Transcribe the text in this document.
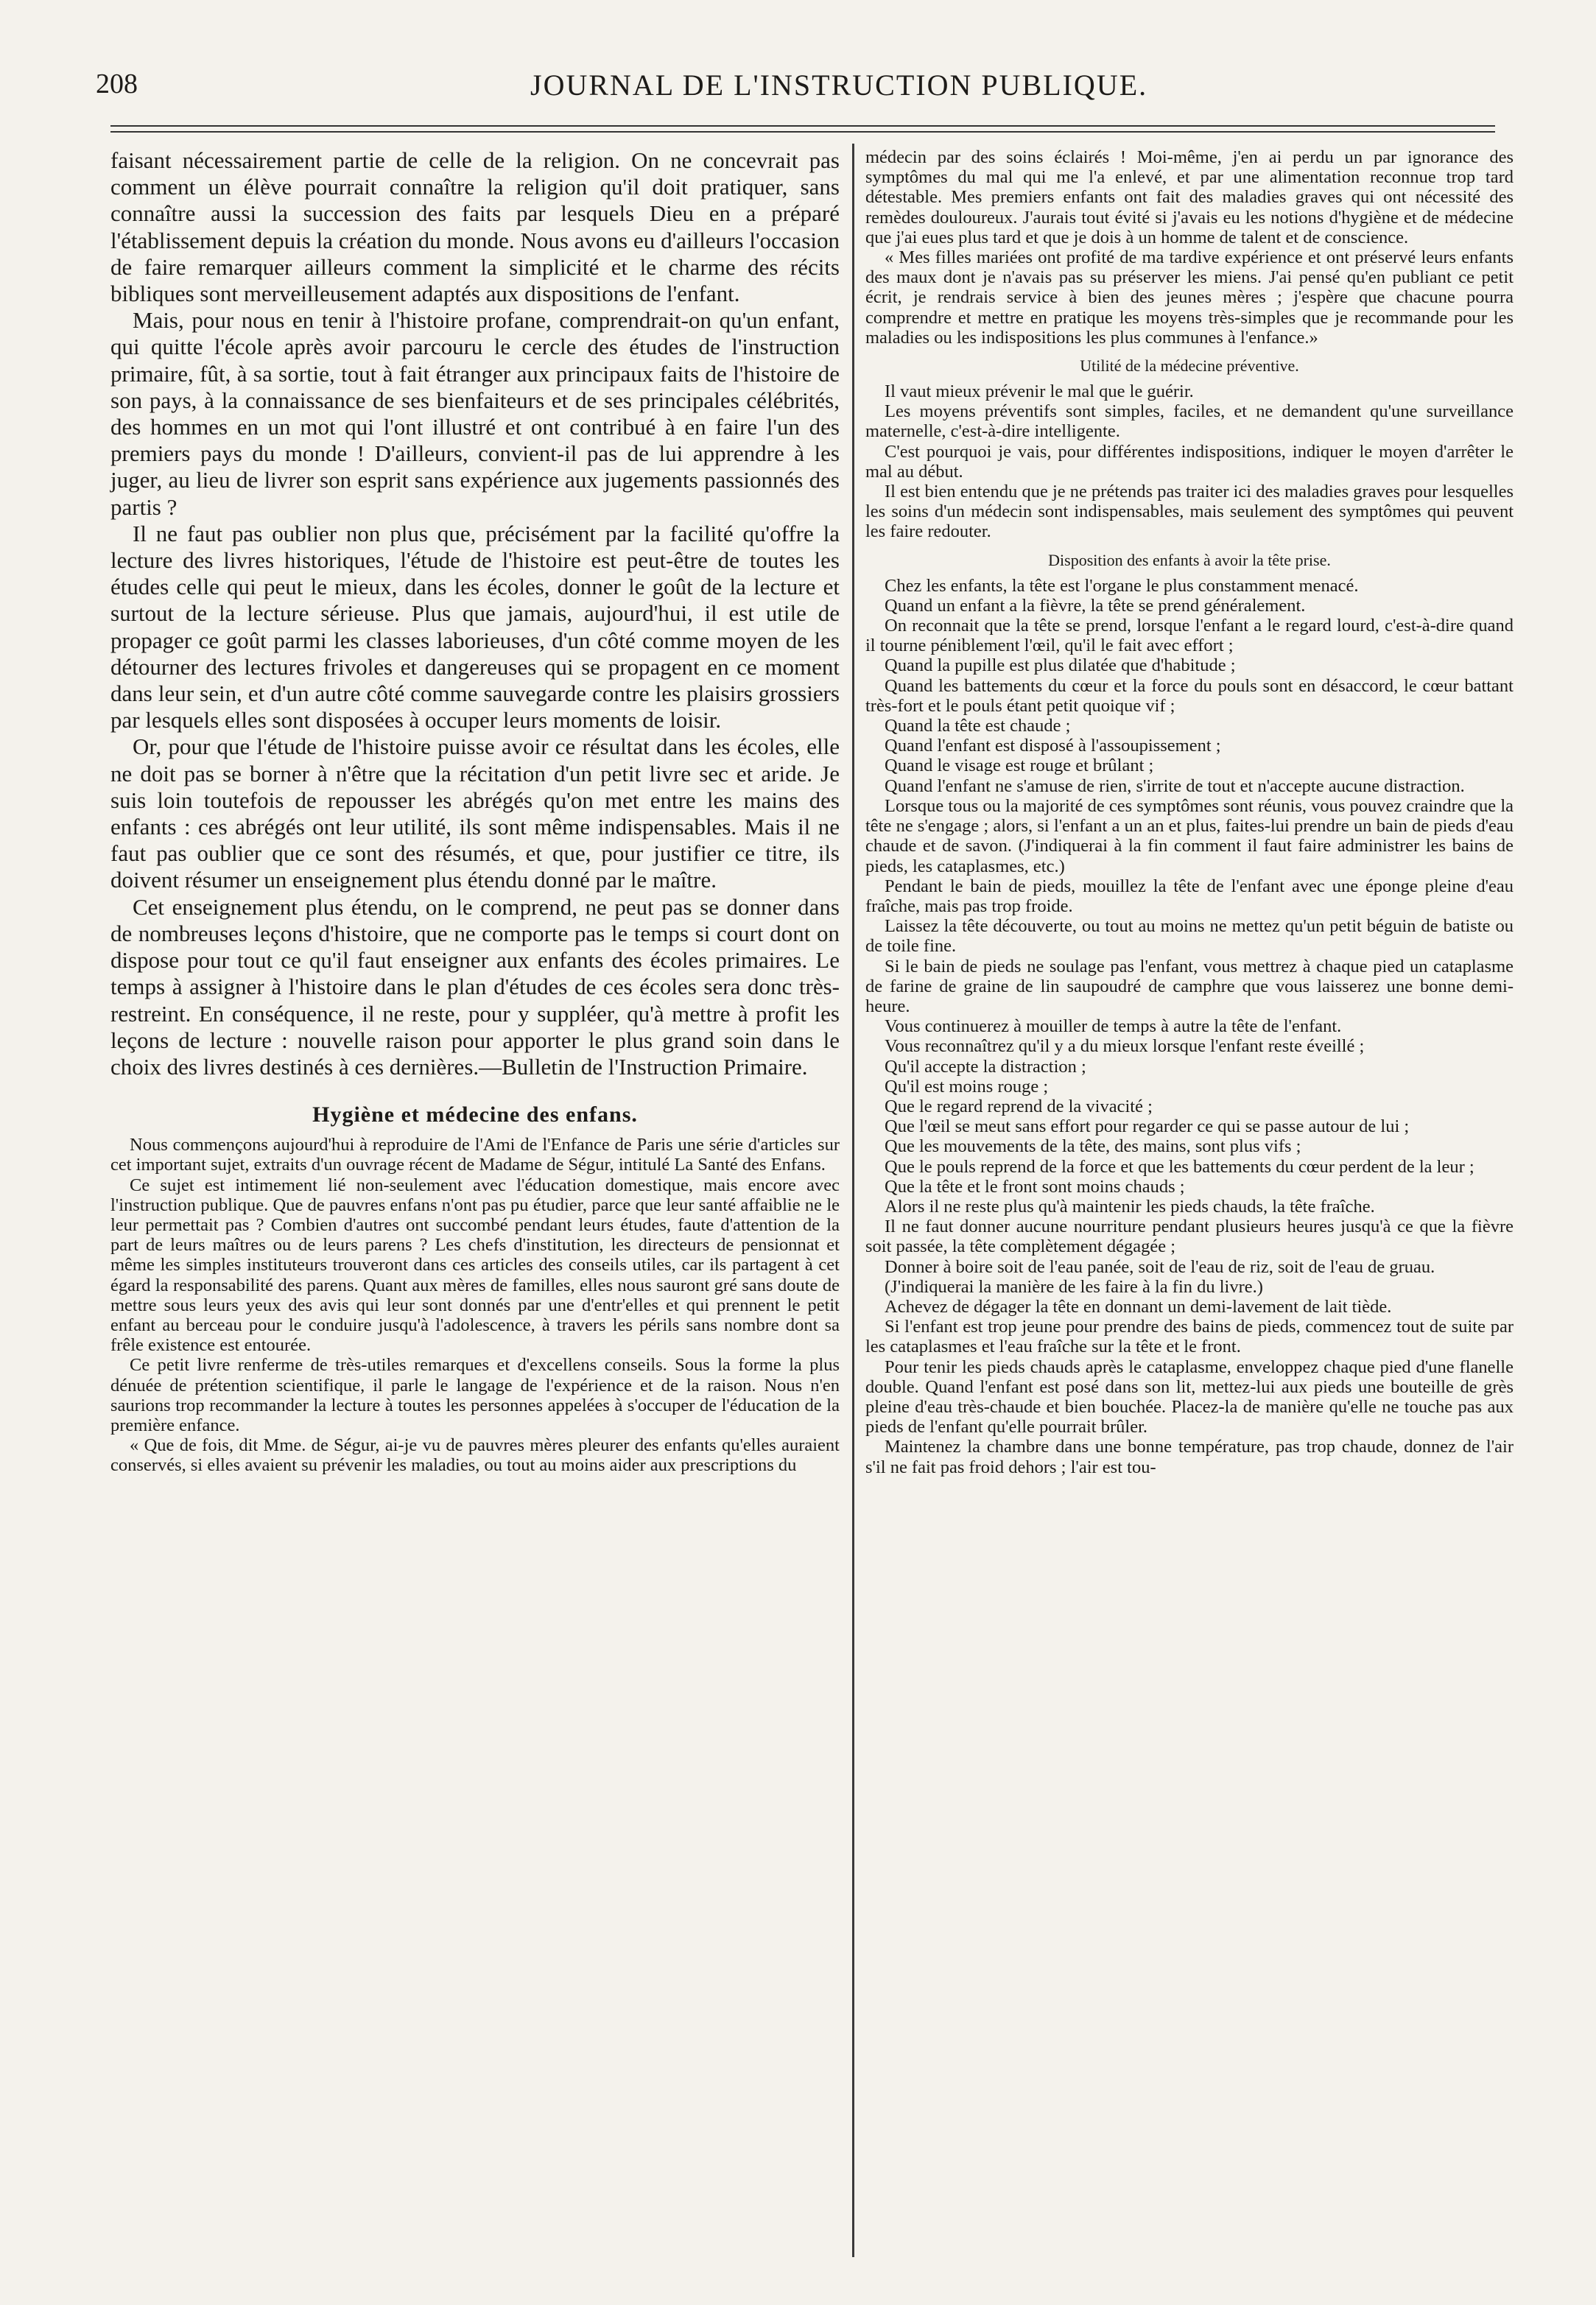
208	JOURNAL DE L'INSTRUCTION PUBLIQUE.

faisant nécessairement partie de celle de la religion. On ne concevrait pas comment un élève pourrait connaître la religion qu'il doit pratiquer, sans connaître aussi la succession des faits par lesquels Dieu en a préparé l'établissement depuis la création du monde. Nous avons eu d'ailleurs l'occasion de faire remarquer ailleurs comment la simplicité et le charme des récits bibliques sont merveilleusement adaptés aux dispositions de l'enfant.

Mais, pour nous en tenir à l'histoire profane, comprendrait-on qu'un enfant, qui quitte l'école après avoir parcouru le cercle des études de l'instruction primaire, fût, à sa sortie, tout à fait étranger aux principaux faits de l'histoire de son pays, à la connaissance de ses bienfaiteurs et de ses principales célébrités, des hommes en un mot qui l'ont illustré et ont contribué à en faire l'un des premiers pays du monde ! D'ailleurs, convient-il pas de lui apprendre à les juger, au lieu de livrer son esprit sans expérience aux jugements passionnés des partis ?

Il ne faut pas oublier non plus que, précisément par la facilité qu'offre la lecture des livres historiques, l'étude de l'histoire est peut-être de toutes les études celle qui peut le mieux, dans les écoles, donner le goût de la lecture et surtout de la lecture sérieuse. Plus que jamais, aujourd'hui, il est utile de propager ce goût parmi les classes laborieuses, d'un côté comme moyen de les détourner des lectures frivoles et dangereuses qui se propagent en ce moment dans leur sein, et d'un autre côté comme sauvegarde contre les plaisirs grossiers par lesquels elles sont disposées à occuper leurs moments de loisir.

Or, pour que l'étude de l'histoire puisse avoir ce résultat dans les écoles, elle ne doit pas se borner à n'être que la récitation d'un petit livre sec et aride. Je suis loin toutefois de repousser les abrégés qu'on met entre les mains des enfants : ces abrégés ont leur utilité, ils sont même indispensables. Mais il ne faut pas oublier que ce sont des résumés, et que, pour justifier ce titre, ils doivent résumer un enseignement plus étendu donné par le maître.

Cet enseignement plus étendu, on le comprend, ne peut pas se donner dans de nombreuses leçons d'histoire, que ne comporte pas le temps si court dont on dispose pour tout ce qu'il faut enseigner aux enfants des écoles primaires. Le temps à assigner à l'histoire dans le plan d'études de ces écoles sera donc très-restreint. En conséquence, il ne reste, pour y suppléer, qu'à mettre à profit les leçons de lecture : nouvelle raison pour apporter le plus grand soin dans le choix des livres destinés à ces dernières.—Bulletin de l'Instruction Primaire.

Hygiène et médecine des enfans.

Nous commençons aujourd'hui à reproduire de l'Ami de l'Enfance de Paris une série d'articles sur cet important sujet, extraits d'un ouvrage récent de Madame de Ségur, intitulé La Santé des Enfans.

Ce sujet est intimement lié non-seulement avec l'éducation domestique, mais encore avec l'instruction publique. Que de pauvres enfans n'ont pas pu étudier, parce que leur santé affaiblie ne le leur permettait pas ? Combien d'autres ont succombé pendant leurs études, faute d'attention de la part de leurs maîtres ou de leurs parens ? Les chefs d'institution, les directeurs de pensionnat et même les simples instituteurs trouveront dans ces articles des conseils utiles, car ils partagent à cet égard la responsabilité des parens. Quant aux mères de familles, elles nous sauront gré sans doute de mettre sous leurs yeux des avis qui leur sont donnés par une d'entr'elles et qui prennent le petit enfant au berceau pour le conduire jusqu'à l'adolescence, à travers les périls sans nombre dont sa frêle existence est entourée.

Ce petit livre renferme de très-utiles remarques et d'excellens conseils. Sous la forme la plus dénuée de prétention scientifique, il parle le langage de l'expérience et de la raison. Nous n'en saurions trop recommander la lecture à toutes les personnes appelées à s'occuper de l'éducation de la première enfance.

« Que de fois, dit Mme. de Ségur, ai-je vu de pauvres mères pleurer des enfants qu'elles auraient conservés, si elles avaient su prévenir les maladies, ou tout au moins aider aux prescriptions du

médecin par des soins éclairés ! Moi-même, j'en ai perdu un par ignorance des symptômes du mal qui me l'a enlevé, et par une alimentation reconnue trop tard détestable. Mes premiers enfants ont fait des maladies graves qui ont nécessité des remèdes douloureux. J'aurais tout évité si j'avais eu les notions d'hygiène et de médecine que j'ai eues plus tard et que je dois à un homme de talent et de conscience.

« Mes filles mariées ont profité de ma tardive expérience et ont préservé leurs enfants des maux dont je n'avais pas su préserver les miens. J'ai pensé qu'en publiant ce petit écrit, je rendrais service à bien des jeunes mères ; j'espère que chacune pourra comprendre et mettre en pratique les moyens très-simples que je recommande pour les maladies ou les indispositions les plus communes à l'enfance.»

Utilité de la médecine préventive.

Il vaut mieux prévenir le mal que le guérir.

Les moyens préventifs sont simples, faciles, et ne demandent qu'une surveillance maternelle, c'est-à-dire intelligente.

C'est pourquoi je vais, pour différentes indispositions, indiquer le moyen d'arrêter le mal au début.

Il est bien entendu que je ne prétends pas traiter ici des maladies graves pour lesquelles les soins d'un médecin sont indispensables, mais seulement des symptômes qui peuvent les faire redouter.

Disposition des enfants à avoir la tête prise.

Chez les enfants, la tête est l'organe le plus constamment menacé.

Quand un enfant a la fièvre, la tête se prend généralement.

On reconnait que la tête se prend, lorsque l'enfant a le regard lourd, c'est-à-dire quand il tourne péniblement l'œil, qu'il le fait avec effort ;

Quand la pupille est plus dilatée que d'habitude ;

Quand les battements du cœur et la force du pouls sont en désaccord, le cœur battant très-fort et le pouls étant petit quoique vif ;

Quand la tête est chaude ;

Quand l'enfant est disposé à l'assoupissement ;

Quand le visage est rouge et brûlant ;

Quand l'enfant ne s'amuse de rien, s'irrite de tout et n'accepte aucune distraction.

Lorsque tous ou la majorité de ces symptômes sont réunis, vous pouvez craindre que la tête ne s'engage ; alors, si l'enfant a un an et plus, faites-lui prendre un bain de pieds d'eau chaude et de savon. (J'indiquerai à la fin comment il faut faire administrer les bains de pieds, les cataplasmes, etc.)

Pendant le bain de pieds, mouillez la tête de l'enfant avec une éponge pleine d'eau fraîche, mais pas trop froide.

Laissez la tête découverte, ou tout au moins ne mettez qu'un petit béguin de batiste ou de toile fine.

Si le bain de pieds ne soulage pas l'enfant, vous mettrez à chaque pied un cataplasme de farine de graine de lin saupoudré de camphre que vous laisserez une bonne demi-heure.

Vous continuerez à mouiller de temps à autre la tête de l'enfant.

Vous reconnaîtrez qu'il y a du mieux lorsque l'enfant reste éveillé ;

Qu'il accepte la distraction ;

Qu'il est moins rouge ;

Que le regard reprend de la vivacité ;

Que l'œil se meut sans effort pour regarder ce qui se passe autour de lui ;

Que les mouvements de la tête, des mains, sont plus vifs ;

Que le pouls reprend de la force et que les battements du cœur perdent de la leur ;

Que la tête et le front sont moins chauds ;

Alors il ne reste plus qu'à maintenir les pieds chauds, la tête fraîche.

Il ne faut donner aucune nourriture pendant plusieurs heures jusqu'à ce que la fièvre soit passée, la tête complètement dégagée ;

Donner à boire soit de l'eau panée, soit de l'eau de riz, soit de l'eau de gruau.

(J'indiquerai la manière de les faire à la fin du livre.)

Achevez de dégager la tête en donnant un demi-lavement de lait tiède.

Si l'enfant est trop jeune pour prendre des bains de pieds, commencez tout de suite par les cataplasmes et l'eau fraîche sur la tête et le front.

Pour tenir les pieds chauds après le cataplasme, enveloppez chaque pied d'une flanelle double. Quand l'enfant est posé dans son lit, mettez-lui aux pieds une bouteille de grès pleine d'eau très-chaude et bien bouchée. Placez-la de manière qu'elle ne touche pas aux pieds de l'enfant qu'elle pourrait brûler.

Maintenez la chambre dans une bonne température, pas trop chaude, donnez de l'air s'il ne fait pas froid dehors ; l'air est tou-
